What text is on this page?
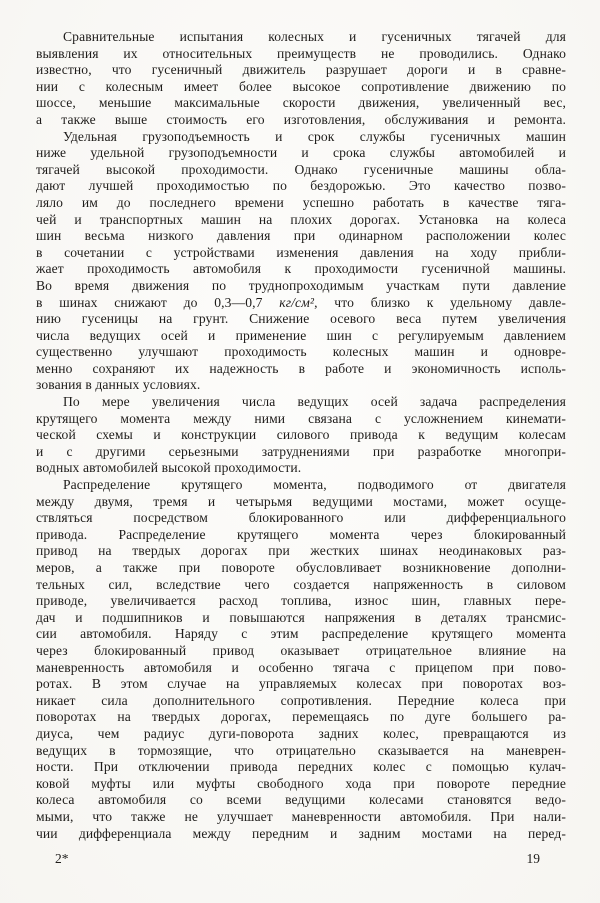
Сравнительные испытания колесных и гусеничных тягачей для
выявления их относительных преимуществ не проводились. Однако
известно, что гусеничный движитель разрушает дороги и в сравне-
нии с колесным имеет более высокое сопротивление движению по
шоссе, меньшие максимальные скорости движения, увеличенный вес,
а также выше стоимость его изготовления, обслуживания и ремонта.
Удельная грузоподъемность и срок службы гусеничных машин
ниже удельной грузоподъемности и срока службы автомобилей и
тягачей высокой проходимости. Однако гусеничные машины обла-
дают лучшей проходимостью по бездорожью. Это качество позво-
ляло им до последнего времени успешно работать в качестве тяга-
чей и транспортных машин на плохих дорогах. Установка на колеса
шин весьма низкого давления при одинарном расположении колес
в сочетании с устройствами изменения давления на ходу прибли-
жает проходимость автомобиля к проходимости гусеничной машины.
Во время движения по труднопроходимым участкам пути давление
в шинах снижают до 0,3—0,7 кг/см², что близко к удельному давле-
нию гусеницы на грунт. Снижение осевого веса путем увеличения
числа ведущих осей и применение шин с регулируемым давлением
существенно улучшают проходимость колесных машин и одновре-
менно сохраняют их надежность в работе и экономичность исполь-
зования в данных условиях.
По мере увеличения числа ведущих осей задача распределения
крутящего момента между ними связана с усложнением кинемати-
ческой схемы и конструкции силового привода к ведущим колесам
и с другими серьезными затруднениями при разработке многопри-
водных автомобилей высокой проходимости.
Распределение крутящего момента, подводимого от двигателя
между двумя, тремя и четырьмя ведущими мостами, может осуще-
ствляться посредством блокированного или дифференциального
привода. Распределение крутящего момента через блокированный
привод на твердых дорогах при жестких шинах неодинаковых раз-
меров, а также при повороте обусловливает возникновение дополни-
тельных сил, вследствие чего создается напряженность в силовом
приводе, увеличивается расход топлива, износ шин, главных пере-
дач и подшипников и повышаются напряжения в деталях трансмис-
сии автомобиля. Наряду с этим распределение крутящего момента
через блокированный привод оказывает отрицательное влияние на
маневренность автомобиля и особенно тягача с прицепом при пово-
ротах. В этом случае на управляемых колесах при поворотах воз-
никает сила дополнительного сопротивления. Передние колеса при
поворотах на твердых дорогах, перемещаясь по дуге большего ра-
диуса, чем радиус дуги-поворота задних колес, превращаются из
ведущих в тормозящие, что отрицательно сказывается на маневрен-
ности. При отключении привода передних колес с помощью кулач-
ковой муфты или муфты свободного хода при повороте передние
колеса автомобиля со всеми ведущими колесами становятся ведо-
мыми, что также не улучшает маневренности автомобиля. При нали-
чии дифференциала между передним и задним мостами на перед-
2*	19
